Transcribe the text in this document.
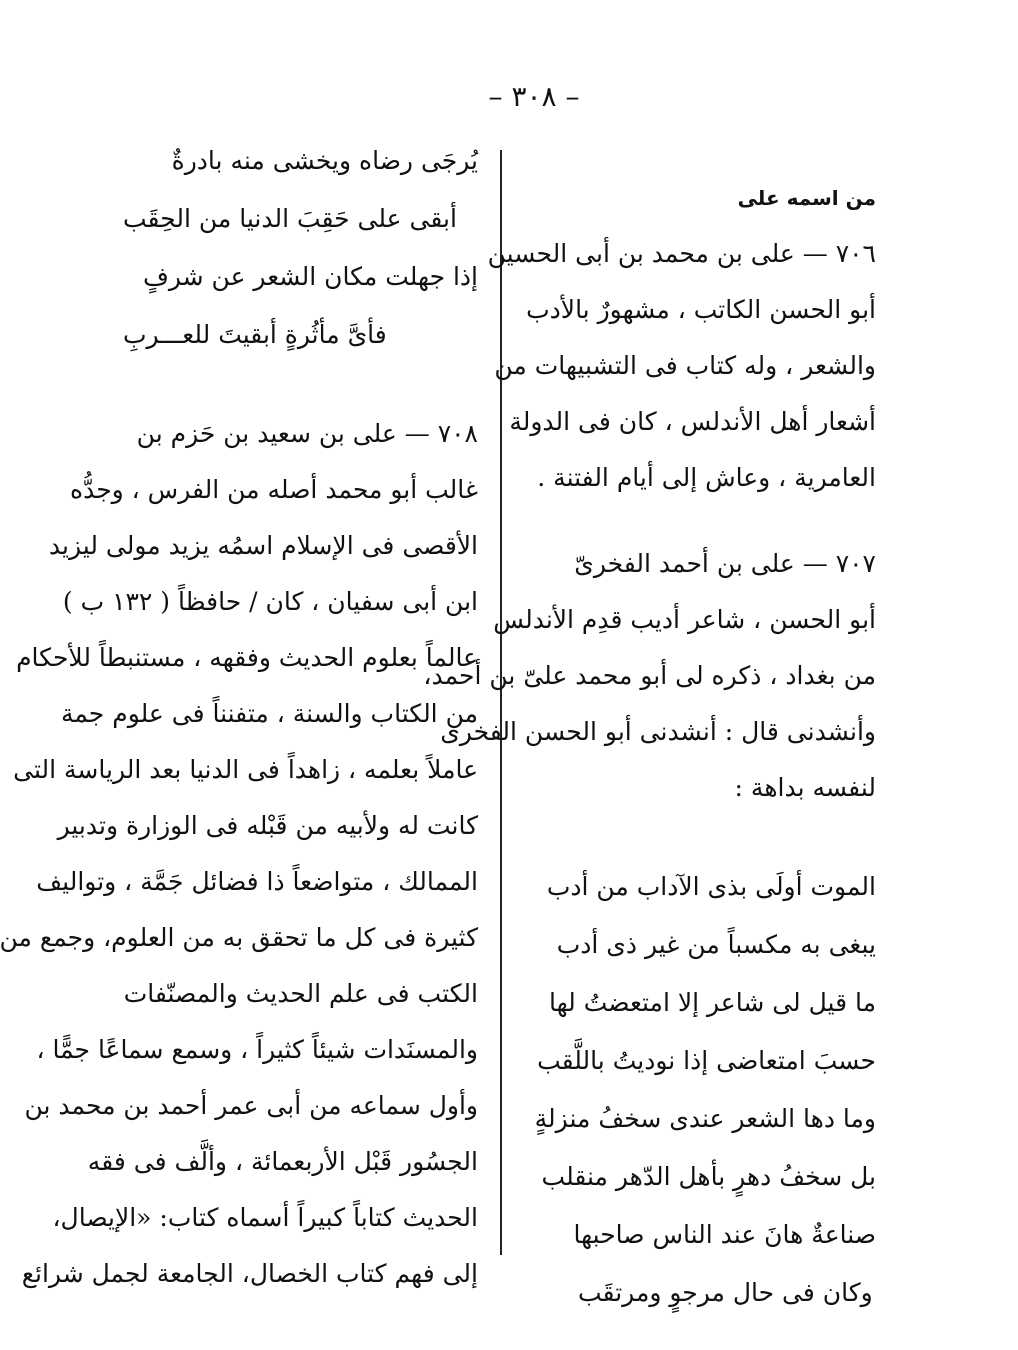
– ٣٠٨ –
من اسمه على
٧٠٦ — على بن محمد بن أبى الحسين
أبو الحسن الكاتب ، مشهورٌ بالأدب
والشعر ، وله كتاب فى التشبيهات من
أشعار أهل الأندلس ، كان فى الدولة
العامرية ، وعاش إلى أيام الفتنة .
٧٠٧ — على بن أحمد الفخرىّ
أبو الحسن ، شاعر أديب قدِم الأندلس
من بغداد ، ذكره لى أبو محمد علىّ بن أحمد،
وأنشدنى قال : أنشدنى أبو الحسن الفخرى
لنفسه بداهة :
الموت أولَى بذى الآداب من أدب
يبغى به مكسباً من غير ذى أدب
ما قيل لى شاعر إلا امتعضتُ لها
حسبَ امتعاضى إذا نوديتُ باللَّقب
وما دها الشعر عندى سخفُ منزلةٍ
بل سخفُ دهرٍ بأهل الدّهر منقلب
صناعةٌ هانَ عند الناس صاحبها
وكان فى حال مرجوٍ ومرتقَب
يُرجَى رضاه ويخشى منه بادرةٌ
أبقى على حَقِبَ الدنيا من الحِقَب
إذا جهلت مكان الشعر عن شرفٍ
فأىَّ مأثُرةٍ أبقيتَ للعـــربِ
٧٠٨ — على بن سعيد بن حَزم بن
غالب أبو محمد أصله من الفرس ، وجدُّه
الأقصى فى الإسلام اسمُه يزيد مولى ليزيد
ابن أبى سفيان ، كان / حافظاً ( ١٣٢ ب )
عالماً بعلوم الحديث وفقهه ، مستنبطاً للأحكام
من الكتاب والسنة ، متفنناً فى علوم جمة
عاملاً بعلمه ، زاهداً فى الدنيا بعد الرياسة التى
كانت له ولأبيه من قَبْله فى الوزارة وتدبير
الممالك ، متواضعاً ذا فضائل جَمَّة ، وتواليف
كثيرة فى كل ما تحقق به من العلوم، وجمع من
الكتب فى علم الحديث والمصنّفات
والمسنَدات شيئاً كثيراً ، وسمع سماعًا جمًّا ،
وأول سماعه من أبى عمر أحمد بن محمد بن
الجسُور قَبْل الأربعمائة ، وألَّف فى فقه
الحديث كتاباً كبيراً أسماه كتاب: «الإيصال،
إلى فهم كتاب الخصال، الجامعة لجمل شرائع
